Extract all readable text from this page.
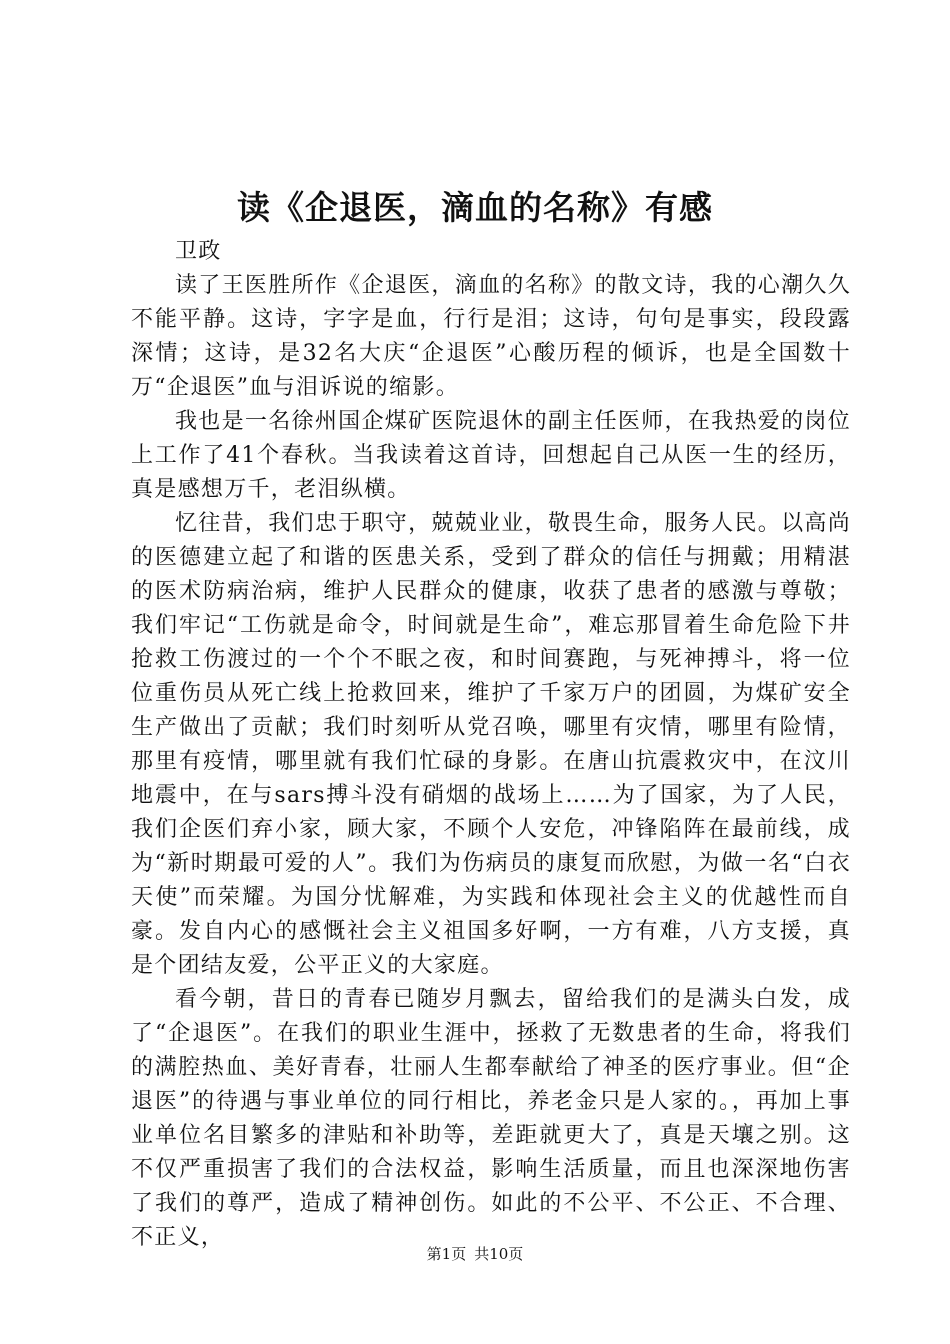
读《企退医，滴血的名称》有感

卫政

读了王医胜所作《企退医，滴血的名称》的散文诗，我的心潮久久不能平静。这诗，字字是血，行行是泪；这诗，句句是事实，段段露深情；这诗，是32名大庆“企退医”心酸历程的倾诉，也是全国数十万“企退医”血与泪诉说的缩影。

我也是一名徐州国企煤矿医院退休的副主任医师，在我热爱的岗位上工作了41个春秋。当我读着这首诗，回想起自己从医一生的经历，真是感想万千，老泪纵横。

忆往昔，我们忠于职守，兢兢业业，敬畏生命，服务人民。以高尚的医德建立起了和谐的医患关系，受到了群众的信任与拥戴；用精湛的医术防病治病，维护人民群众的健康，收获了患者的感激与尊敬；我们牢记“工伤就是命令，时间就是生命”，难忘那冒着生命危险下井抢救工伤渡过的一个个不眠之夜，和时间赛跑，与死神搏斗，将一位位重伤员从死亡线上抢救回来，维护了千家万户的团圆，为煤矿安全生产做出了贡献；我们时刻听从党召唤，哪里有灾情，哪里有险情，那里有疫情，哪里就有我们忙碌的身影。在唐山抗震救灾中，在汶川地震中，在与sars搏斗没有硝烟的战场上……为了国家，为了人民，我们企医们弃小家，顾大家，不顾个人安危，冲锋陷阵在最前线，成为“新时期最可爱的人”。我们为伤病员的康复而欣慰，为做一名“白衣天使”而荣耀。为国分忧解难，为实践和体现社会主义的优越性而自豪。发自内心的感慨社会主义祖国多好啊，一方有难，八方支援，真是个团结友爱，公平正义的大家庭。

看今朝，昔日的青春已随岁月飘去，留给我们的是满头白发，成了“企退医”。在我们的职业生涯中，拯救了无数患者的生命，将我们的满腔热血、美好青春，壮丽人生都奉献给了神圣的医疗事业。但“企退医”的待遇与事业单位的同行相比，养老金只是人家的。，再加上事业单位名目繁多的津贴和补助等，差距就更大了，真是天壤之别。这不仅严重损害了我们的合法权益，影响生活质量，而且也深深地伤害了我们的尊严，造成了精神创伤。如此的不公平、不公正、不合理、不正义，

第1页 共10页
